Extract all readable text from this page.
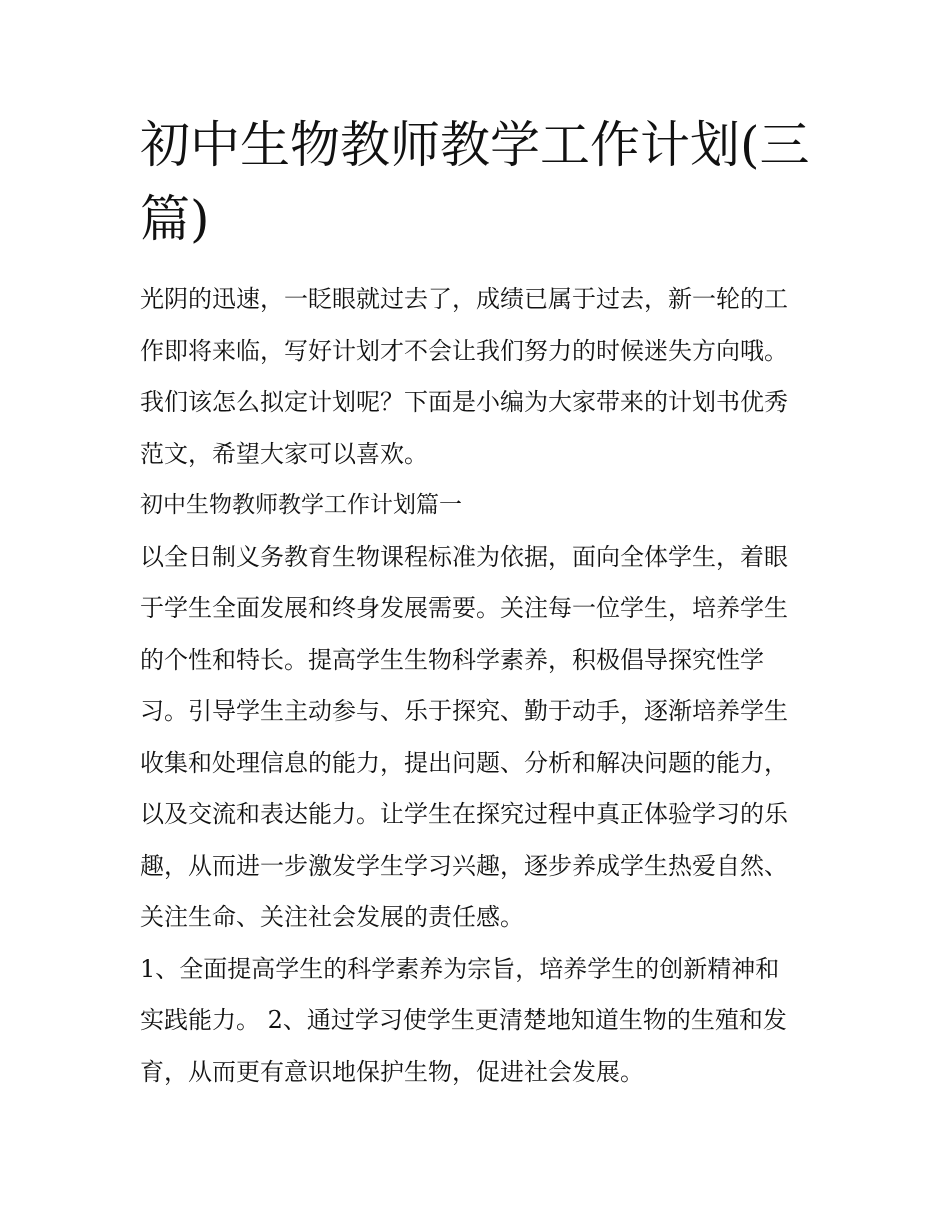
初中生物教师教学工作计划(三
篇)

光阴的迅速，一眨眼就过去了，成绩已属于过去，新一轮的工
作即将来临，写好计划才不会让我们努力的时候迷失方向哦。
我们该怎么拟定计划呢？下面是小编为大家带来的计划书优秀
范文，希望大家可以喜欢。

初中生物教师教学工作计划篇一

以全日制义务教育生物课程标准为依据，面向全体学生，着眼
于学生全面发展和终身发展需要。关注每一位学生，培养学生
的个性和特长。提高学生生物科学素养，积极倡导探究性学
习。引导学生主动参与、乐于探究、勤于动手，逐渐培养学生
收集和处理信息的能力，提出问题、分析和解决问题的能力，
以及交流和表达能力。让学生在探究过程中真正体验学习的乐
趣，从而进一步激发学生学习兴趣，逐步养成学生热爱自然、
关注生命、关注社会发展的责任感。

1、全面提高学生的科学素养为宗旨，培养学生的创新精神和
实践能力。 2、通过学习使学生更清楚地知道生物的生殖和发
育，从而更有意识地保护生物，促进社会发展。
